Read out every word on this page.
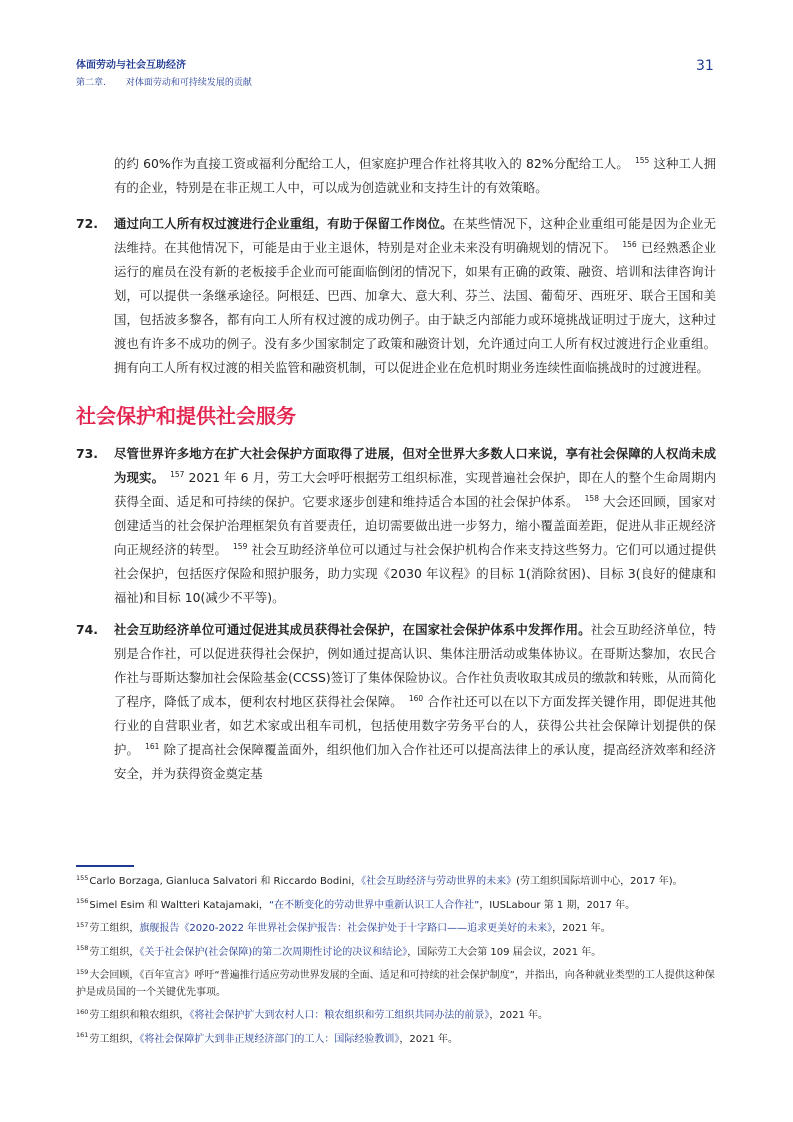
体面劳动与社会互助经济
第二章. 对体面劳动和可持续发展的贡献
31

的约 60%作为直接工资或福利分配给工人，但家庭护理合作社将其收入的 82%分配给工人。 $^{155}$ 这种工人拥有的企业，特别是在非正规工人中，可以成为创造就业和支持生计的有效策略。

72. 通过向工人所有权过渡进行企业重组，有助于保留工作岗位。在某些情况下，这种企业重组可能是因为企业无法维持。在其他情况下，可能是由于业主退休，特别是对企业未来没有明确规划的情况下。 $^{156}$ 已经熟悉企业运行的雇员在没有新的老板接手企业而可能面临倒闭的情况下，如果有正确的政策、融资、培训和法律咨询计划，可以提供一条继承途径。阿根廷、巴西、加拿大、意大利、芬兰、法国、葡萄牙、西班牙、联合王国和美国，包括波多黎各，都有向工人所有权过渡的成功例子。由于缺乏内部能力或环境挑战证明过于庞大，这种过渡也有许多不成功的例子。没有多少国家制定了政策和融资计划，允许通过向工人所有权过渡进行企业重组。拥有向工人所有权过渡的相关监管和融资机制，可以促进企业在危机时期业务连续性面临挑战时的过渡进程。

社会保护和提供社会服务

73. 尽管世界许多地方在扩大社会保护方面取得了进展，但对全世界大多数人口来说，享有社会保障的人权尚未成为现实。 $^{157}$ 2021 年 6 月，劳工大会呼吁根据劳工组织标准，实现普遍社会保护，即在人的整个生命周期内获得全面、适足和可持续的保护。它要求逐步创建和维持适合本国的社会保护体系。 $^{158}$ 大会还回顾，国家对创建适当的社会保护治理框架负有首要责任，迫切需要做出进一步努力，缩小覆盖面差距，促进从非正规经济向正规经济的转型。 $^{159}$ 社会互助经济单位可以通过与社会保护机构合作来支持这些努力。它们可以通过提供社会保护，包括医疗保险和照护服务，助力实现《2030 年议程》的目标 1(消除贫困)、目标 3(良好的健康和福祉)和目标 10(减少不平等)。

74. 社会互助经济单位可通过促进其成员获得社会保护，在国家社会保护体系中发挥作用。社会互助经济单位，特别是合作社，可以促进获得社会保护，例如通过提高认识、集体注册活动或集体协议。在哥斯达黎加，农民合作社与哥斯达黎加社会保险基金(CCSS)签订了集体保险协议。合作社负责收取其成员的缴款和转账，从而简化了程序，降低了成本，便利农村地区获得社会保障。 $^{160}$ 合作社还可以在以下方面发挥关键作用，即促进其他行业的自营职业者，如艺术家或出租车司机，包括使用数字劳务平台的人，获得公共社会保障计划提供的保护。 $^{161}$ 除了提高社会保障覆盖面外，组织他们加入合作社还可以提高法律上的承认度，提高经济效率和经济安全，并为获得资金奠定基

$^{155}$Carlo Borzaga, Gianluca Salvatori 和 Riccardo Bodini，《社会互助经济与劳动世界的未来》(劳工组织国际培训中心，2017 年)。

$^{156}$Simel Esim 和 Waltteri Katajamaki，“在不断变化的劳动世界中重新认识工人合作社”，IUSLabour 第 1 期，2017 年。

$^{157}$劳工组织，旗舰报告《2020-2022 年世界社会保护报告：社会保护处于十字路口——追求更美好的未来》，2021 年。

$^{158}$劳工组织，《关于社会保护(社会保障)的第二次周期性讨论的决议和结论》，国际劳工大会第 109 届会议，2021 年。

$^{159}$大会回顾，《百年宣言》呼吁“普遍推行适应劳动世界发展的全面、适足和可持续的社会保护制度”，并指出，向各种就业类型的工人提供这种保护是成员国的一个关键优先事项。

$^{160}$劳工组织和粮农组织，《将社会保护扩大到农村人口：粮农组织和劳工组织共同办法的前景》，2021 年。

$^{161}$劳工组织，《将社会保障扩大到非正规经济部门的工人：国际经验教训》，2021 年。
